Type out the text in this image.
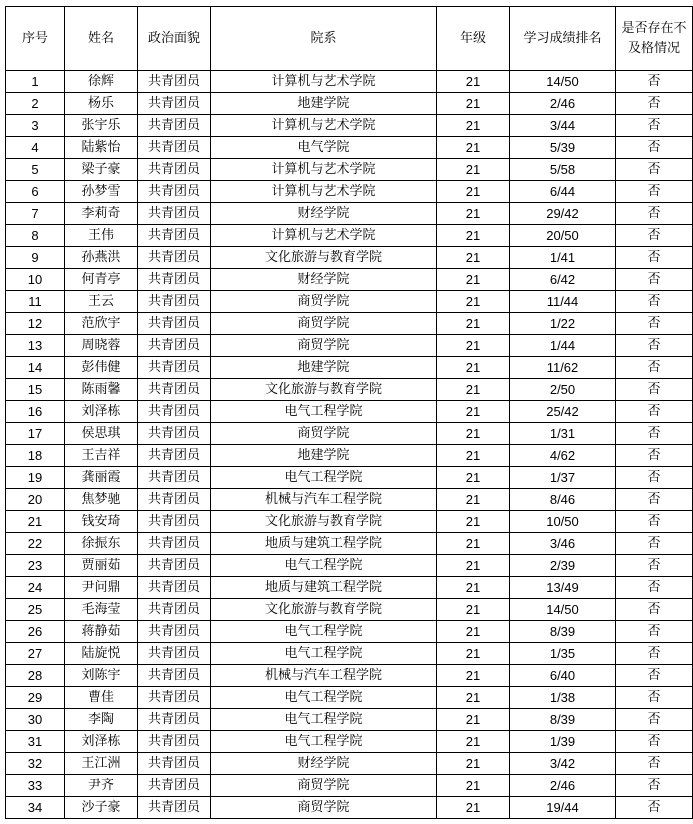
序号	姓名	政治面貌	院系	年级	学习成绩排名	是否存在不及格情况
1	徐辉	共青团员	计算机与艺术学院	21	14/50	否
2	杨乐	共青团员	地建学院	21	2/46	否
3	张宇乐	共青团员	计算机与艺术学院	21	3/44	否
4	陆紫怡	共青团员	电气学院	21	5/39	否
5	梁子豪	共青团员	计算机与艺术学院	21	5/58	否
6	孙梦雪	共青团员	计算机与艺术学院	21	6/44	否
7	李莉奇	共青团员	财经学院	21	29/42	否
8	王伟	共青团员	计算机与艺术学院	21	20/50	否
9	孙燕洪	共青团员	文化旅游与教育学院	21	1/41	否
10	何青亭	共青团员	财经学院	21	6/42	否
11	王云	共青团员	商贸学院	21	11/44	否
12	范欣宇	共青团员	商贸学院	21	1/22	否
13	周晓蓉	共青团员	商贸学院	21	1/44	否
14	彭伟健	共青团员	地建学院	21	11/62	否
15	陈雨馨	共青团员	文化旅游与教育学院	21	2/50	否
16	刘泽栋	共青团员	电气工程学院	21	25/42	否
17	侯思琪	共青团员	商贸学院	21	1/31	否
18	王吉祥	共青团员	地建学院	21	4/62	否
19	龚丽霞	共青团员	电气工程学院	21	1/37	否
20	焦梦驰	共青团员	机械与汽车工程学院	21	8/46	否
21	钱安琦	共青团员	文化旅游与教育学院	21	10/50	否
22	徐振东	共青团员	地质与建筑工程学院	21	3/46	否
23	贾丽茹	共青团员	电气工程学院	21	2/39	否
24	尹问鼎	共青团员	地质与建筑工程学院	21	13/49	否
25	毛海莹	共青团员	文化旅游与教育学院	21	14/50	否
26	蒋静茹	共青团员	电气工程学院	21	8/39	否
27	陆旋悦	共青团员	电气工程学院	21	1/35	否
28	刘陈宇	共青团员	机械与汽车工程学院	21	6/40	否
29	曹佳	共青团员	电气工程学院	21	1/38	否
30	李陶	共青团员	电气工程学院	21	8/39	否
31	刘泽栋	共青团员	电气工程学院	21	1/39	否
32	王江洲	共青团员	财经学院	21	3/42	否
33	尹齐	共青团员	商贸学院	21	2/46	否
34	沙子豪	共青团员	商贸学院	21	19/44	否
